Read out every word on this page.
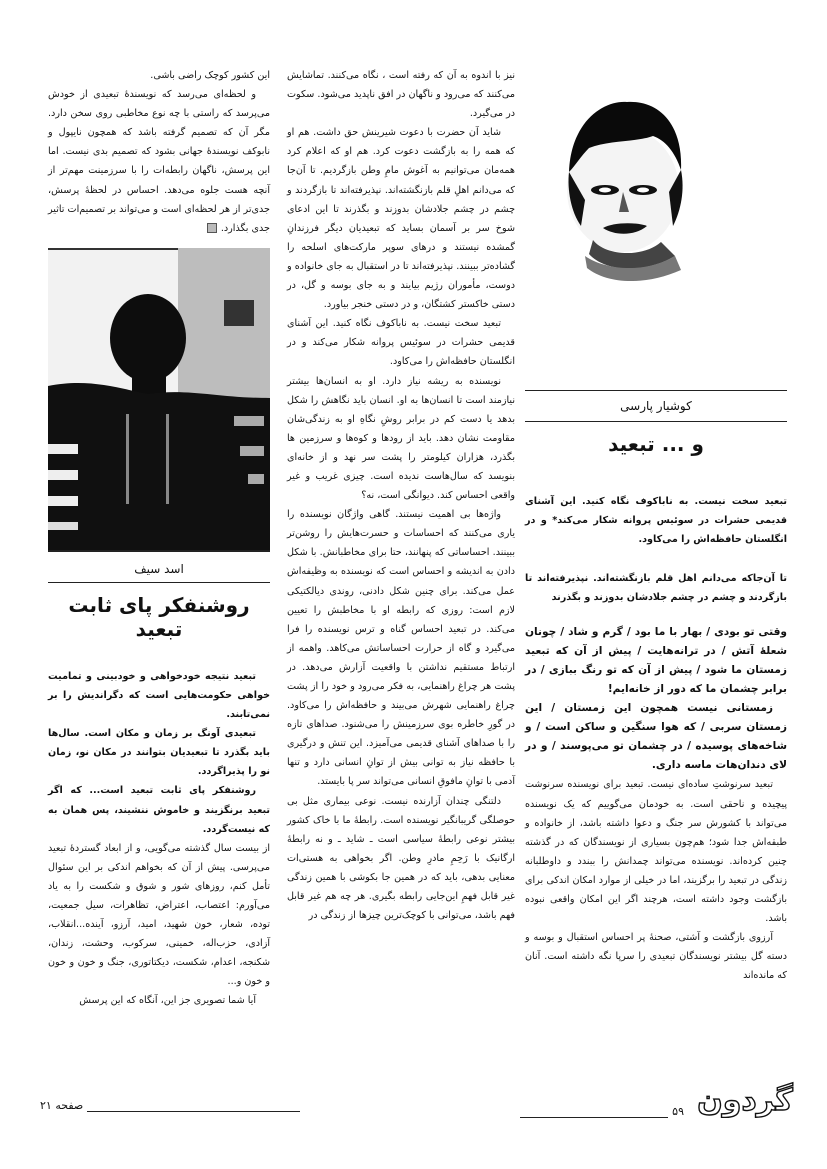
کوشیار پارسی
و ... تبعید

تبعید سخت نیست. به ناباکوف نگاه کنید. این آشنای قدیمی حشرات در سوئیس پروانه شکار می‌کند* و در انگلستان حافظه‌اش را می‌کاود.

تا آن‌جاکه می‌دانم اهل قلم بازنگشته‌اند. نپذیرفته‌اند تا بازگردند و چشم در چشم جلادشان بدوزند و بگذرند

وقتی تو بودی / بهار با ما بود / گرم و شاد / چونان شعلهٔ آتش / در ترانه‌هایت / پیش از آن که تبعید زمستان ما شود / پیش از آن که تو رنگ ببازی / در برابر چشمان ما که دور از خانه‌ایم!

زمستانی نیست همچون این زمستان / این زمستان سربی / که هوا سنگین و ساکن است / و شاخه‌های پوسیده / در چشمان تو می‌پوسند / و در لای دندان‌هات ماسه داری.

تبعید سرنوشتِ ساده‌ای نیست. تبعید برای نویسنده سرنوشت پیچیده و ناحقی است. به خودمان می‌گوییم که یک نویسنده می‌تواند با کشورش سر جنگ و دعوا داشته باشد، از خانواده و طبقه‌اش جدا شود؛ هم‌چون بسیاری از نویسندگان که در گذشته چنین کرده‌اند. نویسنده می‌تواند چمدانش را ببندد و داوطلبانه زندگی در تبعید را برگزیند، اما در خیلی از موارد امکان اندکی برای بازگشت وجود داشته است، هرچند اگر این امکان واقعی نبوده باشد.

آرزوی بازگشت و آشتی، صحنهٔ پر احساس استقبال و بوسه و دسته گل بیشتر نویسندگان تبعیدی را سرپا نگه داشته است. آنان که مانده‌اند

نیز با اندوه به آن که رفته است ، نگاه می‌کنند. تماشایش می‌کنند که می‌رود و ناگهان در افق ناپدید می‌شود. سکوت در می‌گیرد.

شاید آن حضرت با دعوت شیرینش حق داشت. هم او که همه را به بازگشت دعوت کرد. هم او که اعلام کرد همه‌مان می‌توانیم به آغوش مامِ وطن بازگردیم. تا آن‌جا که می‌دانم اهلِ قلم بازنگشته‌اند. نپذیرفته‌اند تا بازگردند و چشم در چشم جلادشان بدوزند و بگذرند تا این ادعای شوخ سر بر آسمان بساید که تبعیدیان دیگر فرزندانِ گمشده نیستند و درهای سوپر مارکت‌های اسلحه را گشاده‌تر ببینند. نپذیرفته‌اند تا در استقبال به جای خانواده و دوست، مأموران رژیم بیایند و به جای بوسه و گل، در دستی خاکستر کشتگان، و در دستی خنجر بیاورد.

تبعید سخت نیست. به ناباکوف نگاه کنید. این آشنای قدیمی حشرات در سوئیس پروانه شکار می‌کند و در انگلستان حافظه‌اش را می‌کاود.

نویسنده به ریشه نیاز دارد. او به انسان‌ها بیشتر نیازمند است تا انسان‌ها به او. انسان باید نگاهش را شکل بدهد یا دست کم در برابر روشِ نگاهِ او به زندگی‌شان مقاومت نشان دهد. باید از رودها و کوه‌ها و سرزمین ها بگذرد، هزاران کیلومتر را پشت سر نهد و از خانه‌ای بنویسد که سال‌هاست ندیده است. چیزی غریب و غیر واقعی احساس کند. دیوانگی است، نه؟

واژه‌ها بی اهمیت نیستند. گاهی واژگان نویسنده را یاری می‌کنند که احساسات و حسرت‌هایش را روشن‌تر ببینند. احساساتی که پنهانند، حتا برای مخاطبانش. با شکل دادن به اندیشه و احساس است که نویسنده به وظیفه‌اش عمل می‌کند. برای چنین شکل دادنی، روندی دیالکتیکی لازم است: روزی که رابطه او با مخاطبش را تعیین می‌کند. در تبعید احساس گناه و ترس نویسنده را فرا می‌گیرد و گاه از حرارت احساساتش می‌کاهد. واهمه از ارتباط مستقیم نداشتن با واقعیت آزارش می‌دهد. در پشت هر چراغ راهنمایی، به فکر می‌رود و خود را از پشت چراغ راهنمایی شهرش می‌بیند و حافظه‌اش را می‌کاود. در گورِ خاطره بوی سرزمینش را می‌شنود. صداهای تازه را با صداهای آشنای قدیمی می‌آمیزد. این تنش و درگیری با حافظه نیاز به توانی بیش از توانِ انسانی دارد و تنها آدمی با توانِ مافوقِ انسانی می‌تواند سر پا بایستد.

دلتنگی چندان آزارنده نیست. نوعی بیماری مثل بی حوصلگی گریبانگیر نویسنده است. رابطهٔ ما با خاک کشور بیشتر نوعی رابطهٔ سیاسی است ـ شاید ـ و نه رابطهٔ ارگانیک با رَحِمِ مادرِ وطن. اگر بخواهی به هستی‌ات معنایی بدهی، باید که در همین جا بکوشی با همین زندگی غیر قابل فهمِ این‌جایی رابطه بگیری. هر چه هم غیر قابل فهم باشد، می‌توانی با کوچک‌ترین چیزها از زندگی در

این کشور کوچک راضی باشی.

و لحظه‌ای می‌رسد که نویسندهٔ تبعیدی از خودش می‌پرسد که راستی با چه نوع مخاطبی روی سخن دارد. مگر آن که تصمیم گرفته باشد که همچون نایپول و نابوکف نویسندهٔ جهانی بشود که تصمیم بدی نیست. اما این پرسش، ناگهان رابطه‌ات را با سرزمینت مهم‌تر از آنچه هست جلوه می‌دهد. احساس در لحظهٔ پرسش، جدی‌تر از هر لحظه‌ای است و می‌تواند بر تصمیم‌ات تاثیر جدی بگذارد.

اسد سیف
روشنفکر پای ثابت تبعید

تبعید نتیجه خودخواهی و خودبینی و تمامیت خواهی حکومت‌هایی است که دگراندیش را بر نمی‌تابند.

تبعیدی آونگ بر زمان و مکان است. سال‌ها باید بگذرد تا تبعیدیان بتوانند در مکان نو، زمان نو را پذیراگردد.

روشنفکر پای ثابت تبعید است... که اگر تبعید برنگزیند و خاموش ننشیند، پس همان به که نیست‌گردد.

از بیست سال گذشته می‌گویی، و از ابعاد گستردهٔ تبعید می‌پرسی. پیش از آن که بخواهم اندکی بر این سئوال تأمل کنم، روزهای شور و شوق و شکست را به یاد می‌آورم: اعتصاب، اعتراض، تظاهرات، سیل جمعیت، توده، شعار، خون شهید، امید، آرزو، آینده...انقلاب، آزادی، حزب‌اله، خمینی، سرکوب، وحشت، زندان، شکنجه، اعدام، شکست، دیکتاتوری، جنگ و خون و خون و خون و...

آیا شما تصویری جز این، آنگاه که این پرسش

صفحه ۲۱	۵۹ گردون
